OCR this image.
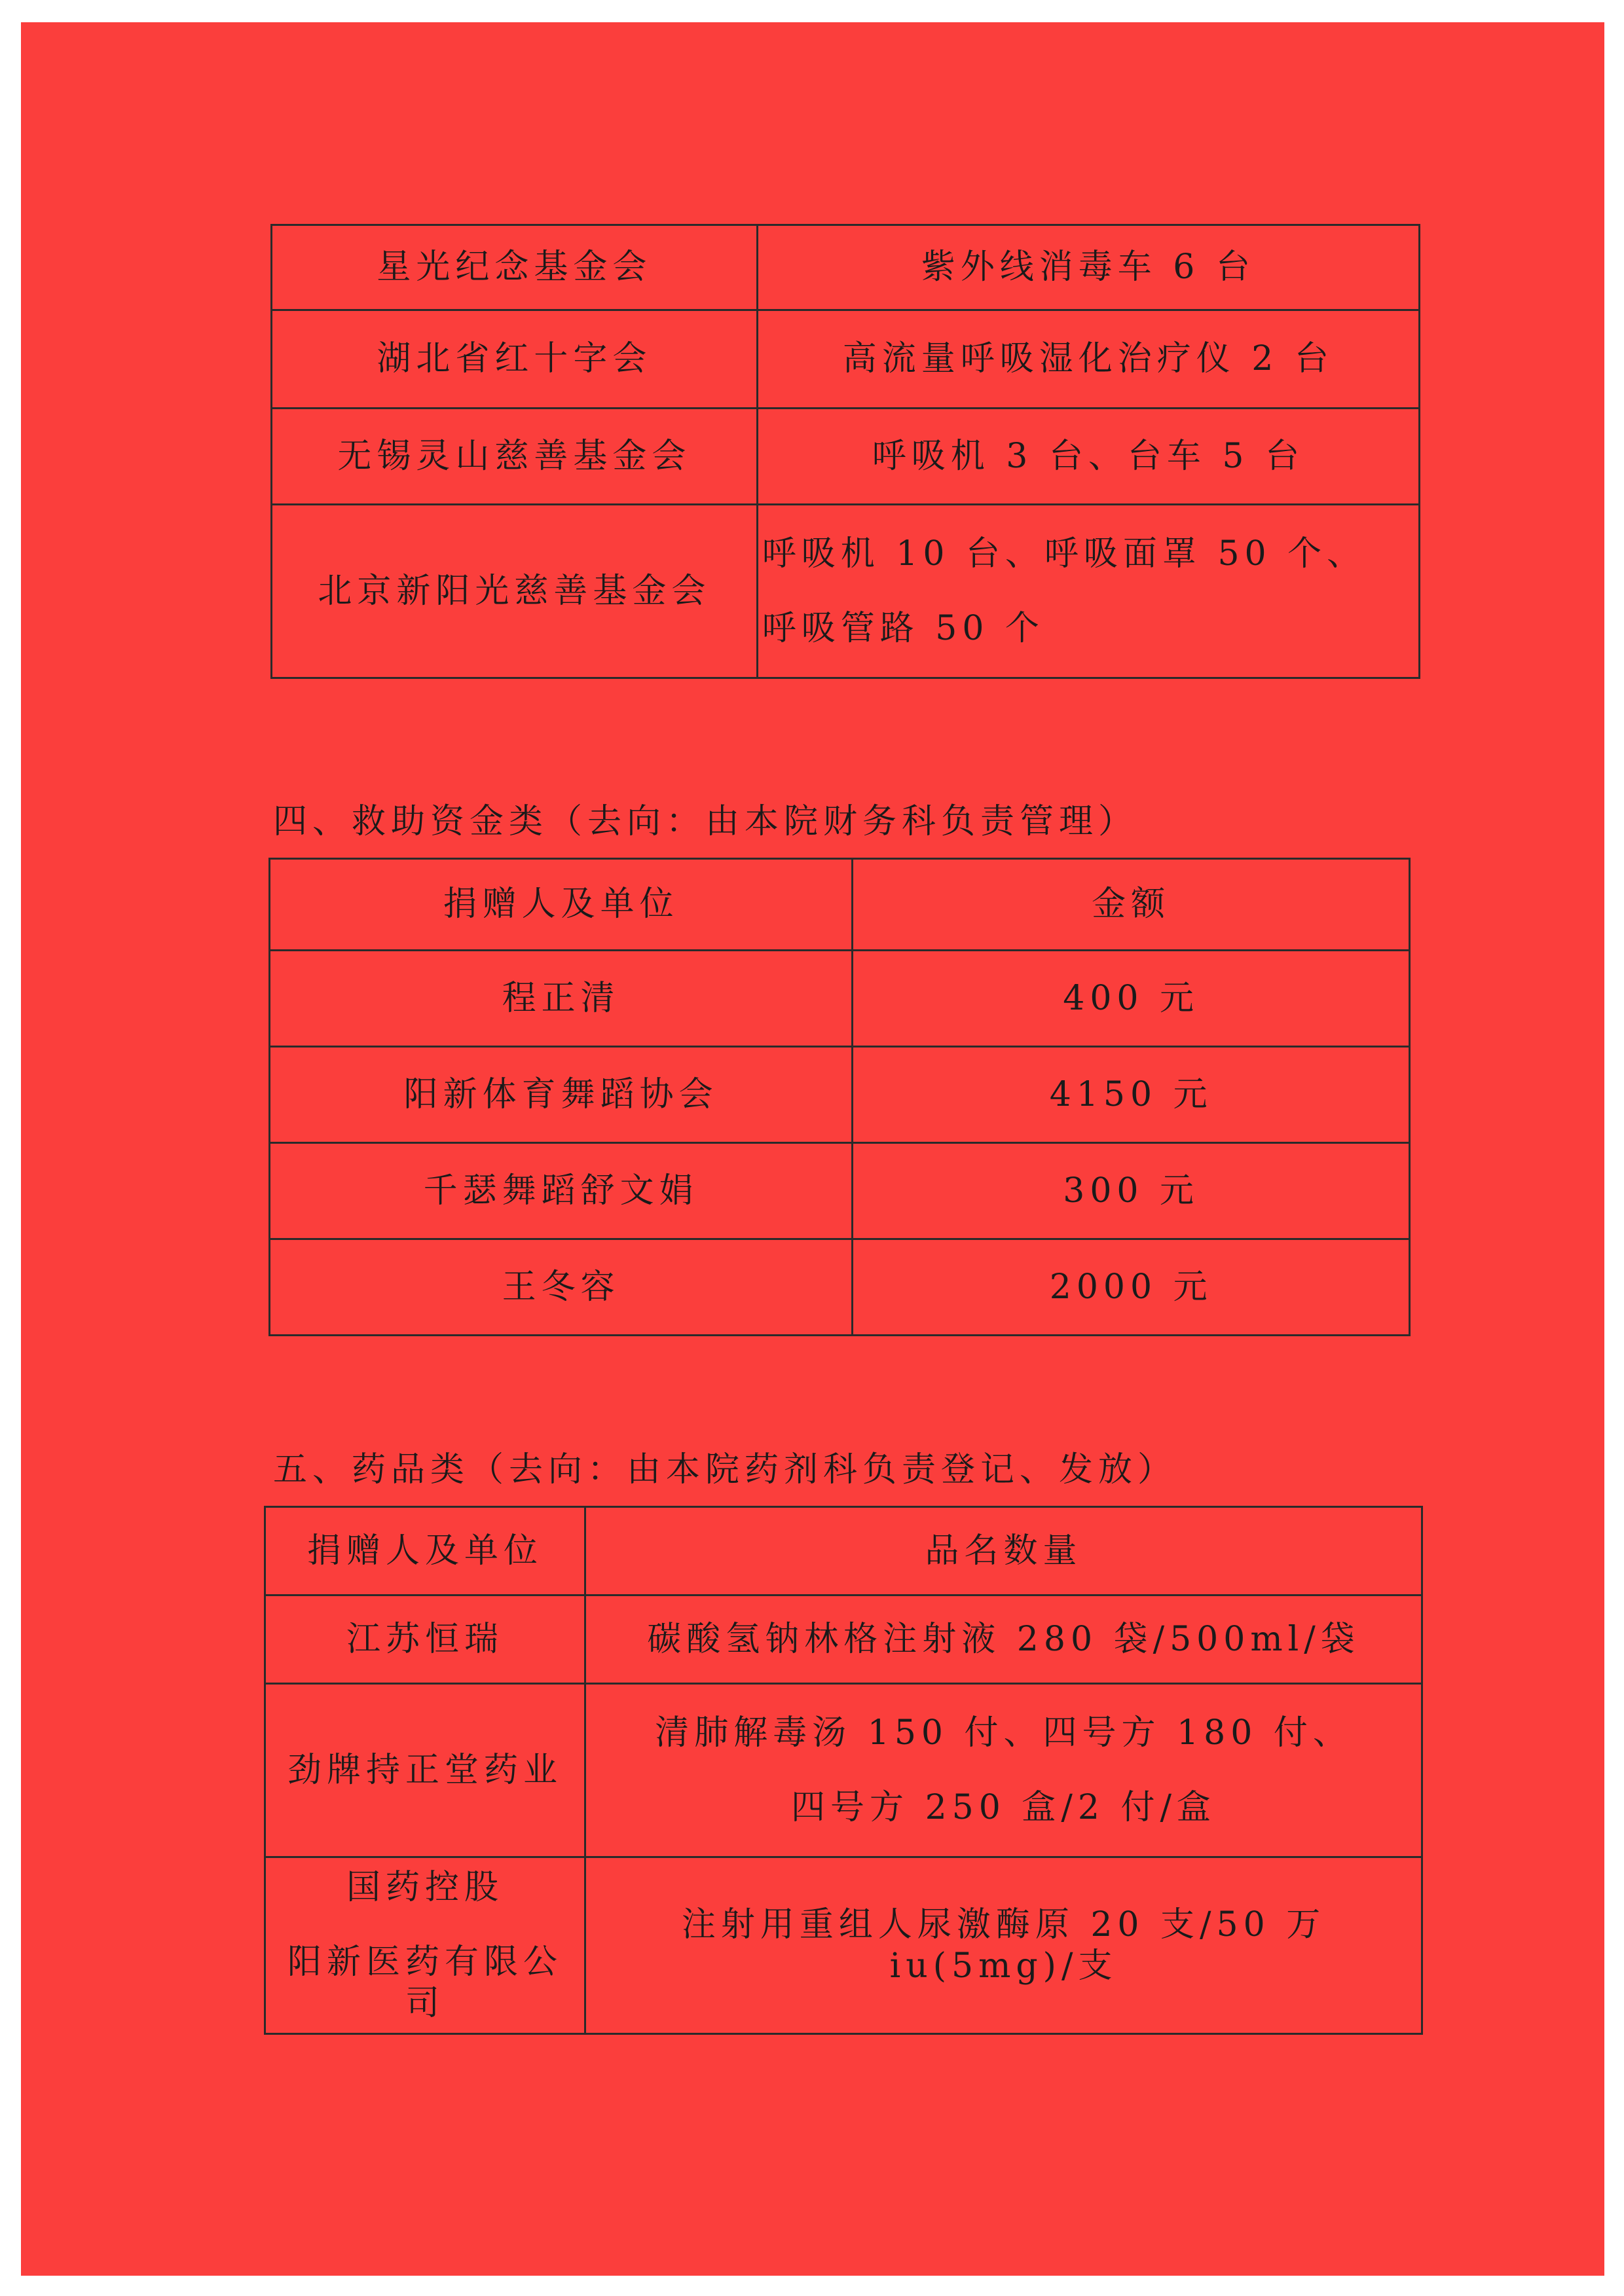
星光纪念基金会	紫外线消毒车 6 台
湖北省红十字会	高流量呼吸湿化治疗仪 2 台
无锡灵山慈善基金会	呼吸机 3 台、台车 5 台
北京新阳光慈善基金会	呼吸机 10 台、呼吸面罩 50 个、
呼吸管路 50 个
四、救助资金类（去向：由本院财务科负责管理）
捐赠人及单位	金额
程正清	400 元
阳新体育舞蹈协会	4150 元
千瑟舞蹈舒文娟	300 元
王冬容	2000 元
五、药品类（去向：由本院药剂科负责登记、发放）
捐赠人及单位	品名数量
江苏恒瑞	碳酸氢钠林格注射液 280 袋/500ml/袋
劲牌持正堂药业	清肺解毒汤 150 付、四号方 180 付、
四号方 250 盒/2 付/盒

国药控股
阳新医药有限公司	注射用重组人尿激酶原 20 支/50 万 iu(5mg)/支
